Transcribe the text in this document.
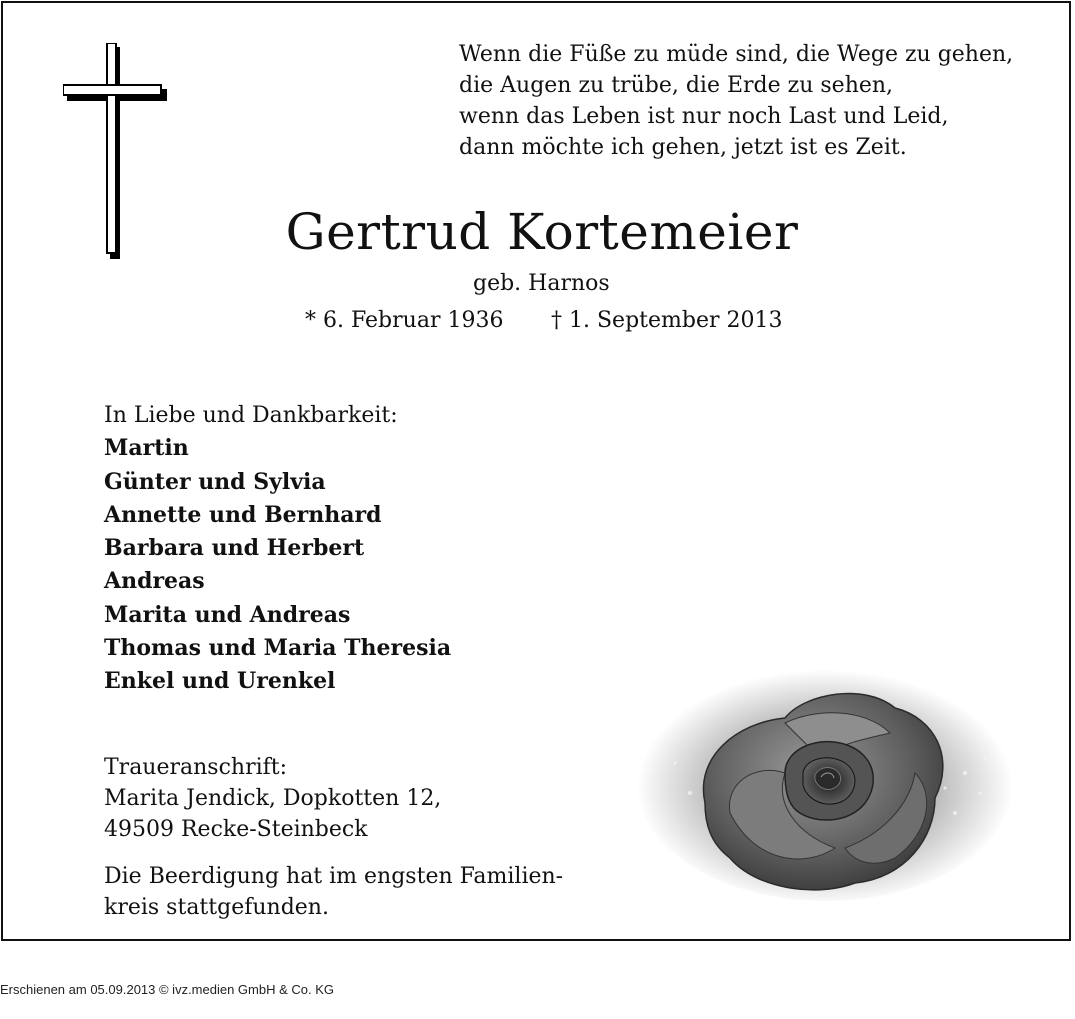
Wenn die Füße zu müde sind, die Wege zu gehen,
die Augen zu trübe, die Erde zu sehen,
wenn das Leben ist nur noch Last und Leid,
dann möchte ich gehen, jetzt ist es Zeit.
Gertrud Kortemeier
geb. Harnos
* 6. Februar 1936 † 1. September 2013
In Liebe und Dankbarkeit:
Martin
Günter und Sylvia
Annette und Bernhard
Barbara und Herbert
Andreas
Marita und Andreas
Thomas und Maria Theresia
Enkel und Urenkel
Traueranschrift:
Marita Jendick, Dopkotten 12,
49509 Recke-Steinbeck
Die Beerdigung hat im engsten Familien-
kreis stattgefunden.
Erschienen am 05.09.2013 © ivz.medien GmbH & Co. KG
